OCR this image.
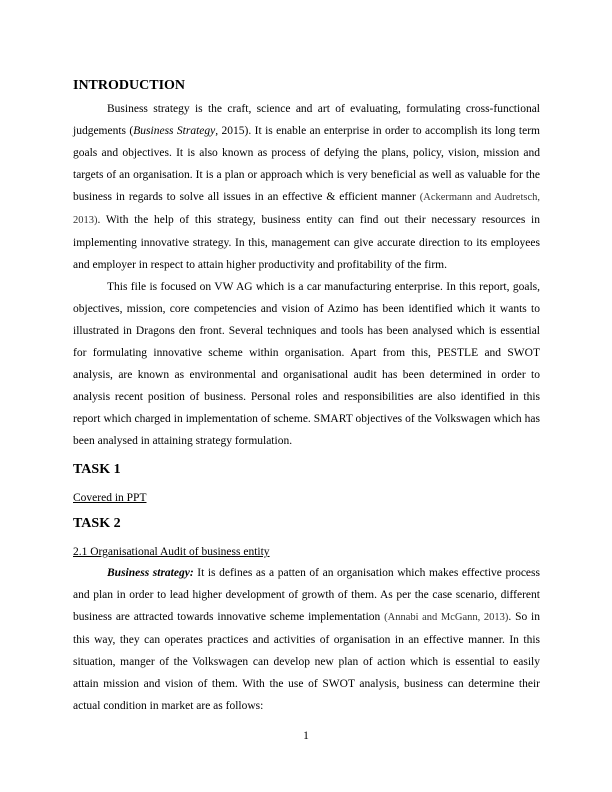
INTRODUCTION

Business strategy is the craft, science and art of evaluating, formulating cross-functional judgements (Business Strategy, 2015). It is enable an enterprise in order to accomplish its long term goals and objectives. It is also known as process of defying the plans, policy, vision, mission and targets of an organisation. It is a plan or approach which is very beneficial as well as valuable for the business in regards to solve all issues in an effective & efficient manner (Ackermann and Audretsch, 2013). With the help of this strategy, business entity can find out their necessary resources in implementing innovative strategy. In this, management can give accurate direction to its employees and employer in respect to attain higher productivity and profitability of the firm.

This file is focused on VW AG which is a car manufacturing enterprise. In this report, goals, objectives, mission, core competencies and vision of Azimo has been identified which it wants to illustrated in Dragons den front. Several techniques and tools has been analysed which is essential for formulating innovative scheme within organisation. Apart from this, PESTLE and SWOT analysis, are known as environmental and organisational audit has been determined in order to analysis recent position of business. Personal roles and responsibilities are also identified in this report which charged in implementation of scheme. SMART objectives of the Volkswagen which has been analysed in attaining strategy formulation.

TASK 1
Covered in PPT
TASK 2
2.1 Organisational Audit of business entity

Business strategy: It is defines as a patten of an organisation which makes effective process and plan in order to lead higher development of growth of them. As per the case scenario, different business are attracted towards innovative scheme implementation (Annabi and McGann, 2013). So in this way, they can operates practices and activities of organisation in an effective manner. In this situation, manger of the Volkswagen can develop new plan of action which is essential to easily attain mission and vision of them. With the use of SWOT analysis, business can determine their actual condition in market are as follows:

1
